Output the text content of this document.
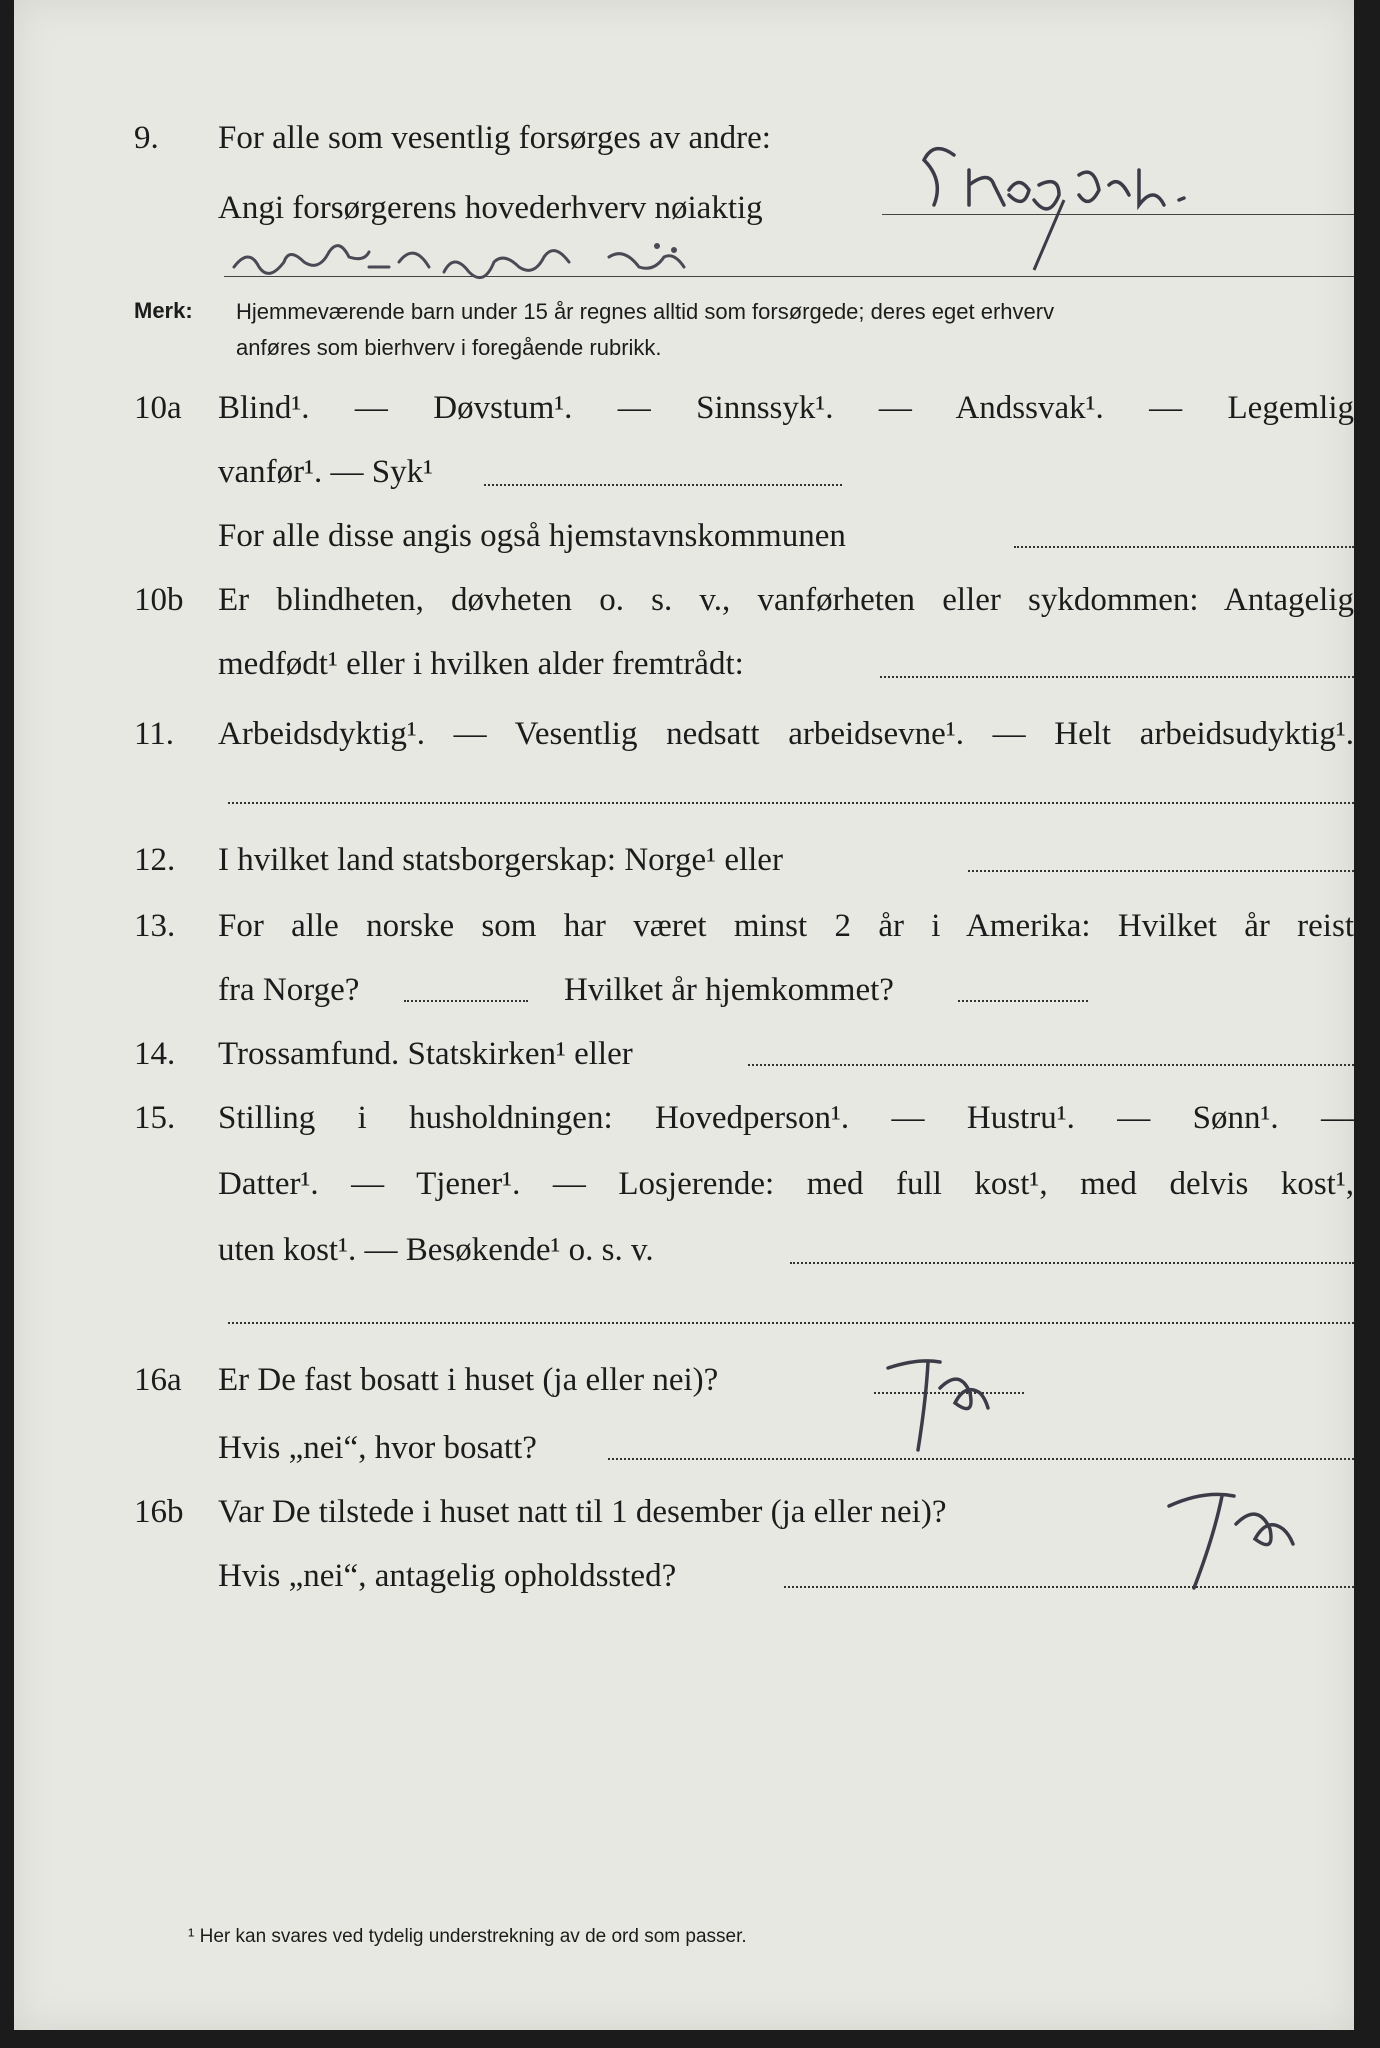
9.	For alle som vesentlig forsørges av andre:
Angi forsørgerens hovederhverv nøiaktig
Skogsarb.
selvst. selveier
Merk: Hjemmeværende barn under 15 år regnes alltid som forsørgede; deres eget erhverv
anføres som bierhverv i foregående rubrikk.
10a	Blind¹. — Døvstum¹. — Sinnssyk¹. — Andssvak¹. — Legemlig
vanfør¹. — Syk¹
For alle disse angis også hjemstavnskommunen
10b	Er blindheten, døvheten o. s. v., vanførheten eller sykdommen: Antagelig
medfødt¹ eller i hvilken alder fremtrådt:
11.	Arbeidsdyktig¹. — Vesentlig nedsatt arbeidsevne¹. — Helt arbeidsudyktig¹.
12.	I hvilket land statsborgerskap: Norge¹ eller
13.	For alle norske som har været minst 2 år i Amerika: Hvilket år reist
fra Norge?	Hvilket år hjemkommet?
14.	Trossamfund. Statskirken¹ eller
15.	Stilling i husholdningen: Hovedperson¹. — Hustru¹. — Sønn¹. —
Datter¹. — Tjener¹. — Losjerende: med full kost¹, med delvis kost¹,
uten kost¹. — Besøkende¹ o. s. v.
16a	Er De fast bosatt i huset (ja eller nei)?
Ja
Hvis „nei“, hvor bosatt?
16b	Var De tilstede i huset natt til 1 desember (ja eller nei)?
Ja
Hvis „nei“, antagelig opholdssted?
¹ Her kan svares ved tydelig understrekning av de ord som passer.
